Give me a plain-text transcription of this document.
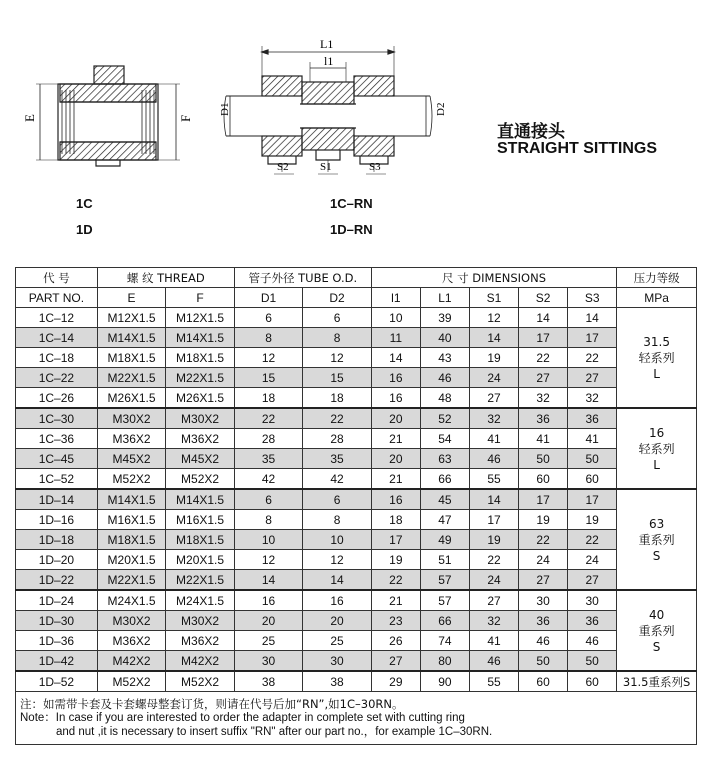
E	F
L1
l1
D1	D2
S2	S1	S3
直通接头
STRAIGHT SITTINGS
1C
1D
1C–RN
1D–RN
代 号	螺 纹 THREAD		管子外径 TUBE O.D.		尺 寸 DIMENSIONS					压力等级
PART NO.	E	F	D1	D2	l1	L1	S1	S2	S3	MPa
1C–12	M12X1.5	M12X1.5	6	6	10	39	12	14	14	31.5
轻系列
L

1C–14	M14X1.5	M14X1.5	8	8	11	40	14	17	17	
1C–18	M18X1.5	M18X1.5	12	12	14	43	19	22	22	
1C–22	M22X1.5	M22X1.5	15	15	16	46	24	27	27	
1C–26	M26X1.5	M26X1.5	18	18	16	48	27	32	32	
1C–30	M30X2	M30X2	22	22	20	52	32	36	36	16
轻系列
L

1C–36	M36X2	M36X2	28	28	21	54	41	41	41	
1C–45	M45X2	M45X2	35	35	20	63	46	50	50	
1C–52	M52X2	M52X2	42	42	21	66	55	60	60	
1D–14	M14X1.5	M14X1.5	6	6	16	45	14	17	17	63
重系列
S

1D–16	M16X1.5	M16X1.5	8	8	18	47	17	19	19	
1D–18	M18X1.5	M18X1.5	10	10	17	49	19	22	22	
1D–20	M20X1.5	M20X1.5	12	12	19	51	22	24	24	
1D–22	M22X1.5	M22X1.5	14	14	22	57	24	27	27	
1D–24	M24X1.5	M24X1.5	16	16	21	57	27	30	30	40
重系列
S

1D–30	M30X2	M30X2	20	20	23	66	32	36	36	
1D–36	M36X2	M36X2	25	25	26	74	41	46	46	
1D–42	M42X2	M42X2	30	30	27	80	46	50	50	
1D–52	M52X2	M52X2	38	38	29	90	55	60	60	31.5重系列S

注：如需带卡套及卡套螺母整套订货，则请在代号后加“RN”,如1C–30RN。
Note：In case if you are interested to order the adapter in complete set with cutting ring
and nut ,it is necessary to insert suffix "RN" after our part no.，for example 1C–30RN.										
